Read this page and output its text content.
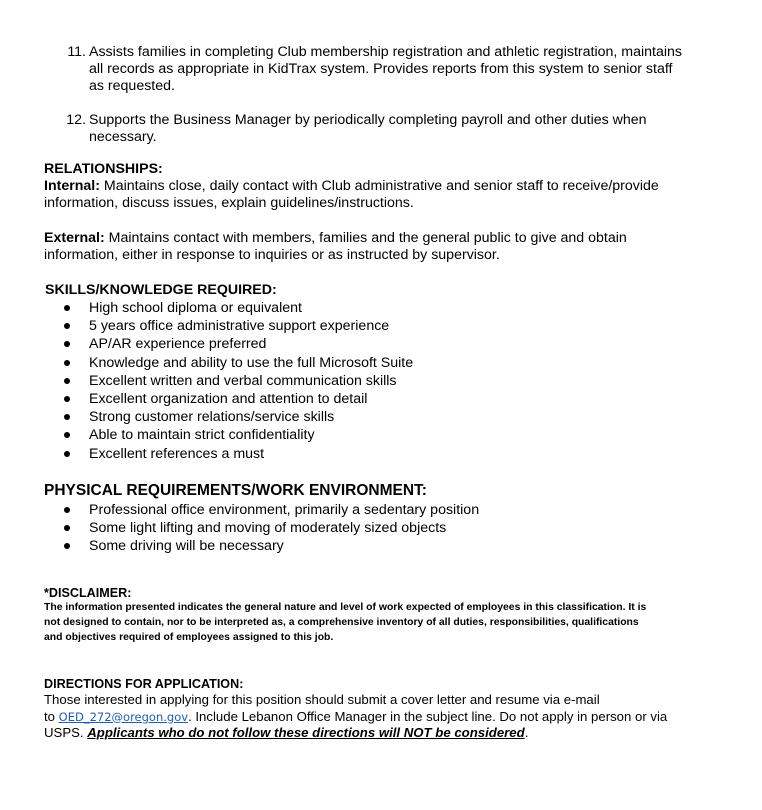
11. Assists families in completing Club membership registration and athletic registration, maintains
all records as appropriate in KidTrax system. Provides reports from this system to senior staff
as requested.
12. Supports the Business Manager by periodically completing payroll and other duties when
necessary.
RELATIONSHIPS:
Internal: Maintains close, daily contact with Club administrative and senior staff to receive/provide
information, discuss issues, explain guidelines/instructions.
External: Maintains contact with members, families and the general public to give and obtain
information, either in response to inquiries or as instructed by supervisor.
SKILLS/KNOWLEDGE REQUIRED:
High school diploma or equivalent
5 years office administrative support experience
AP/AR experience preferred
Knowledge and ability to use the full Microsoft Suite
Excellent written and verbal communication skills
Excellent organization and attention to detail
Strong customer relations/service skills
Able to maintain strict confidentiality
Excellent references a must
PHYSICAL REQUIREMENTS/WORK ENVIRONMENT:
Professional office environment, primarily a sedentary position
Some light lifting and moving of moderately sized objects
Some driving will be necessary
*DISCLAIMER:
The information presented indicates the general nature and level of work expected of employees in this classification. It is
not designed to contain, nor to be interpreted as, a comprehensive inventory of all duties, responsibilities, qualifications
and objectives required of employees assigned to this job.
DIRECTIONS FOR APPLICATION:
Those interested in applying for this position should submit a cover letter and resume via e-mail
to OED_272@oregon.gov. Include Lebanon Office Manager in the subject line. Do not apply in person or via
USPS. Applicants who do not follow these directions will NOT be considered.
